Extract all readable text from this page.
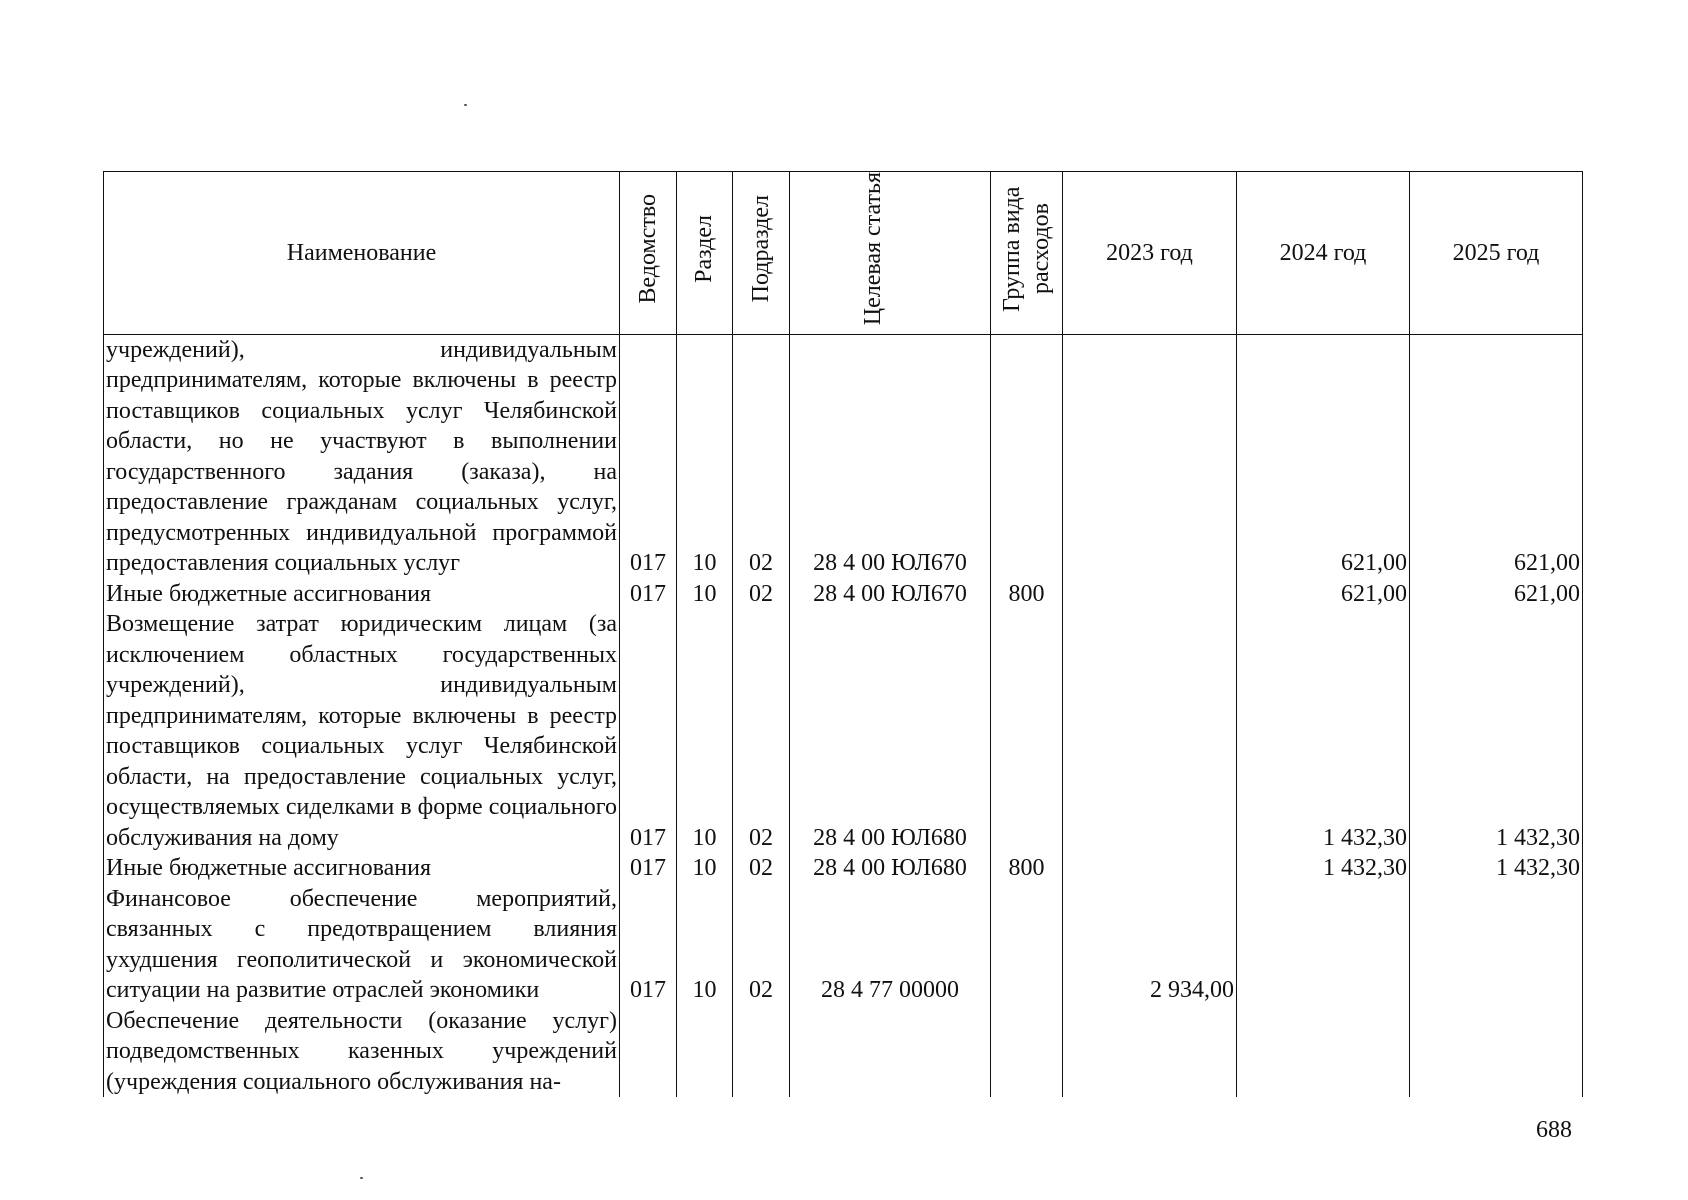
Наименование	Ведомство	Раздел	Подраздел	Целевая статья	Группа вида расходов	2023 год	2024 год	2025 год
учреждений), индивидуальным предпринимателям, которые включены в реестр поставщиков социальных услуг Челябинской области, но не участвуют в выполнении государственного задания (заказа), на предоставление гражданам социальных услуг, предусмотренных индивидуальной программой предоставления социальных услуг	017	10	02	28 4 00 ЮЛ670			621,00	621,00
Иные бюджетные ассигнования	017	10	02	28 4 00 ЮЛ670	800		621,00	621,00
Возмещение затрат юридическим лицам (за исключением областных государственных учреждений), индивидуальным предпринимателям, которые включены в реестр поставщиков социальных услуг Челябинской области, на предоставление социальных услуг, осуществляемых сиделками в форме социального обслуживания на дому	017	10	02	28 4 00 ЮЛ680			1 432,30	1 432,30
Иные бюджетные ассигнования	017	10	02	28 4 00 ЮЛ680	800		1 432,30	1 432,30
Финансовое обеспечение мероприятий, связанных с предотвращением влияния ухудшения геополитической и экономической ситуации на развитие отраслей экономики	017	10	02	28 4 77 00000		2 934,00		
Обеспечение деятельности (оказание услуг) подведомственных казенных учреждений (учреждения социального обслуживания на-								
688
